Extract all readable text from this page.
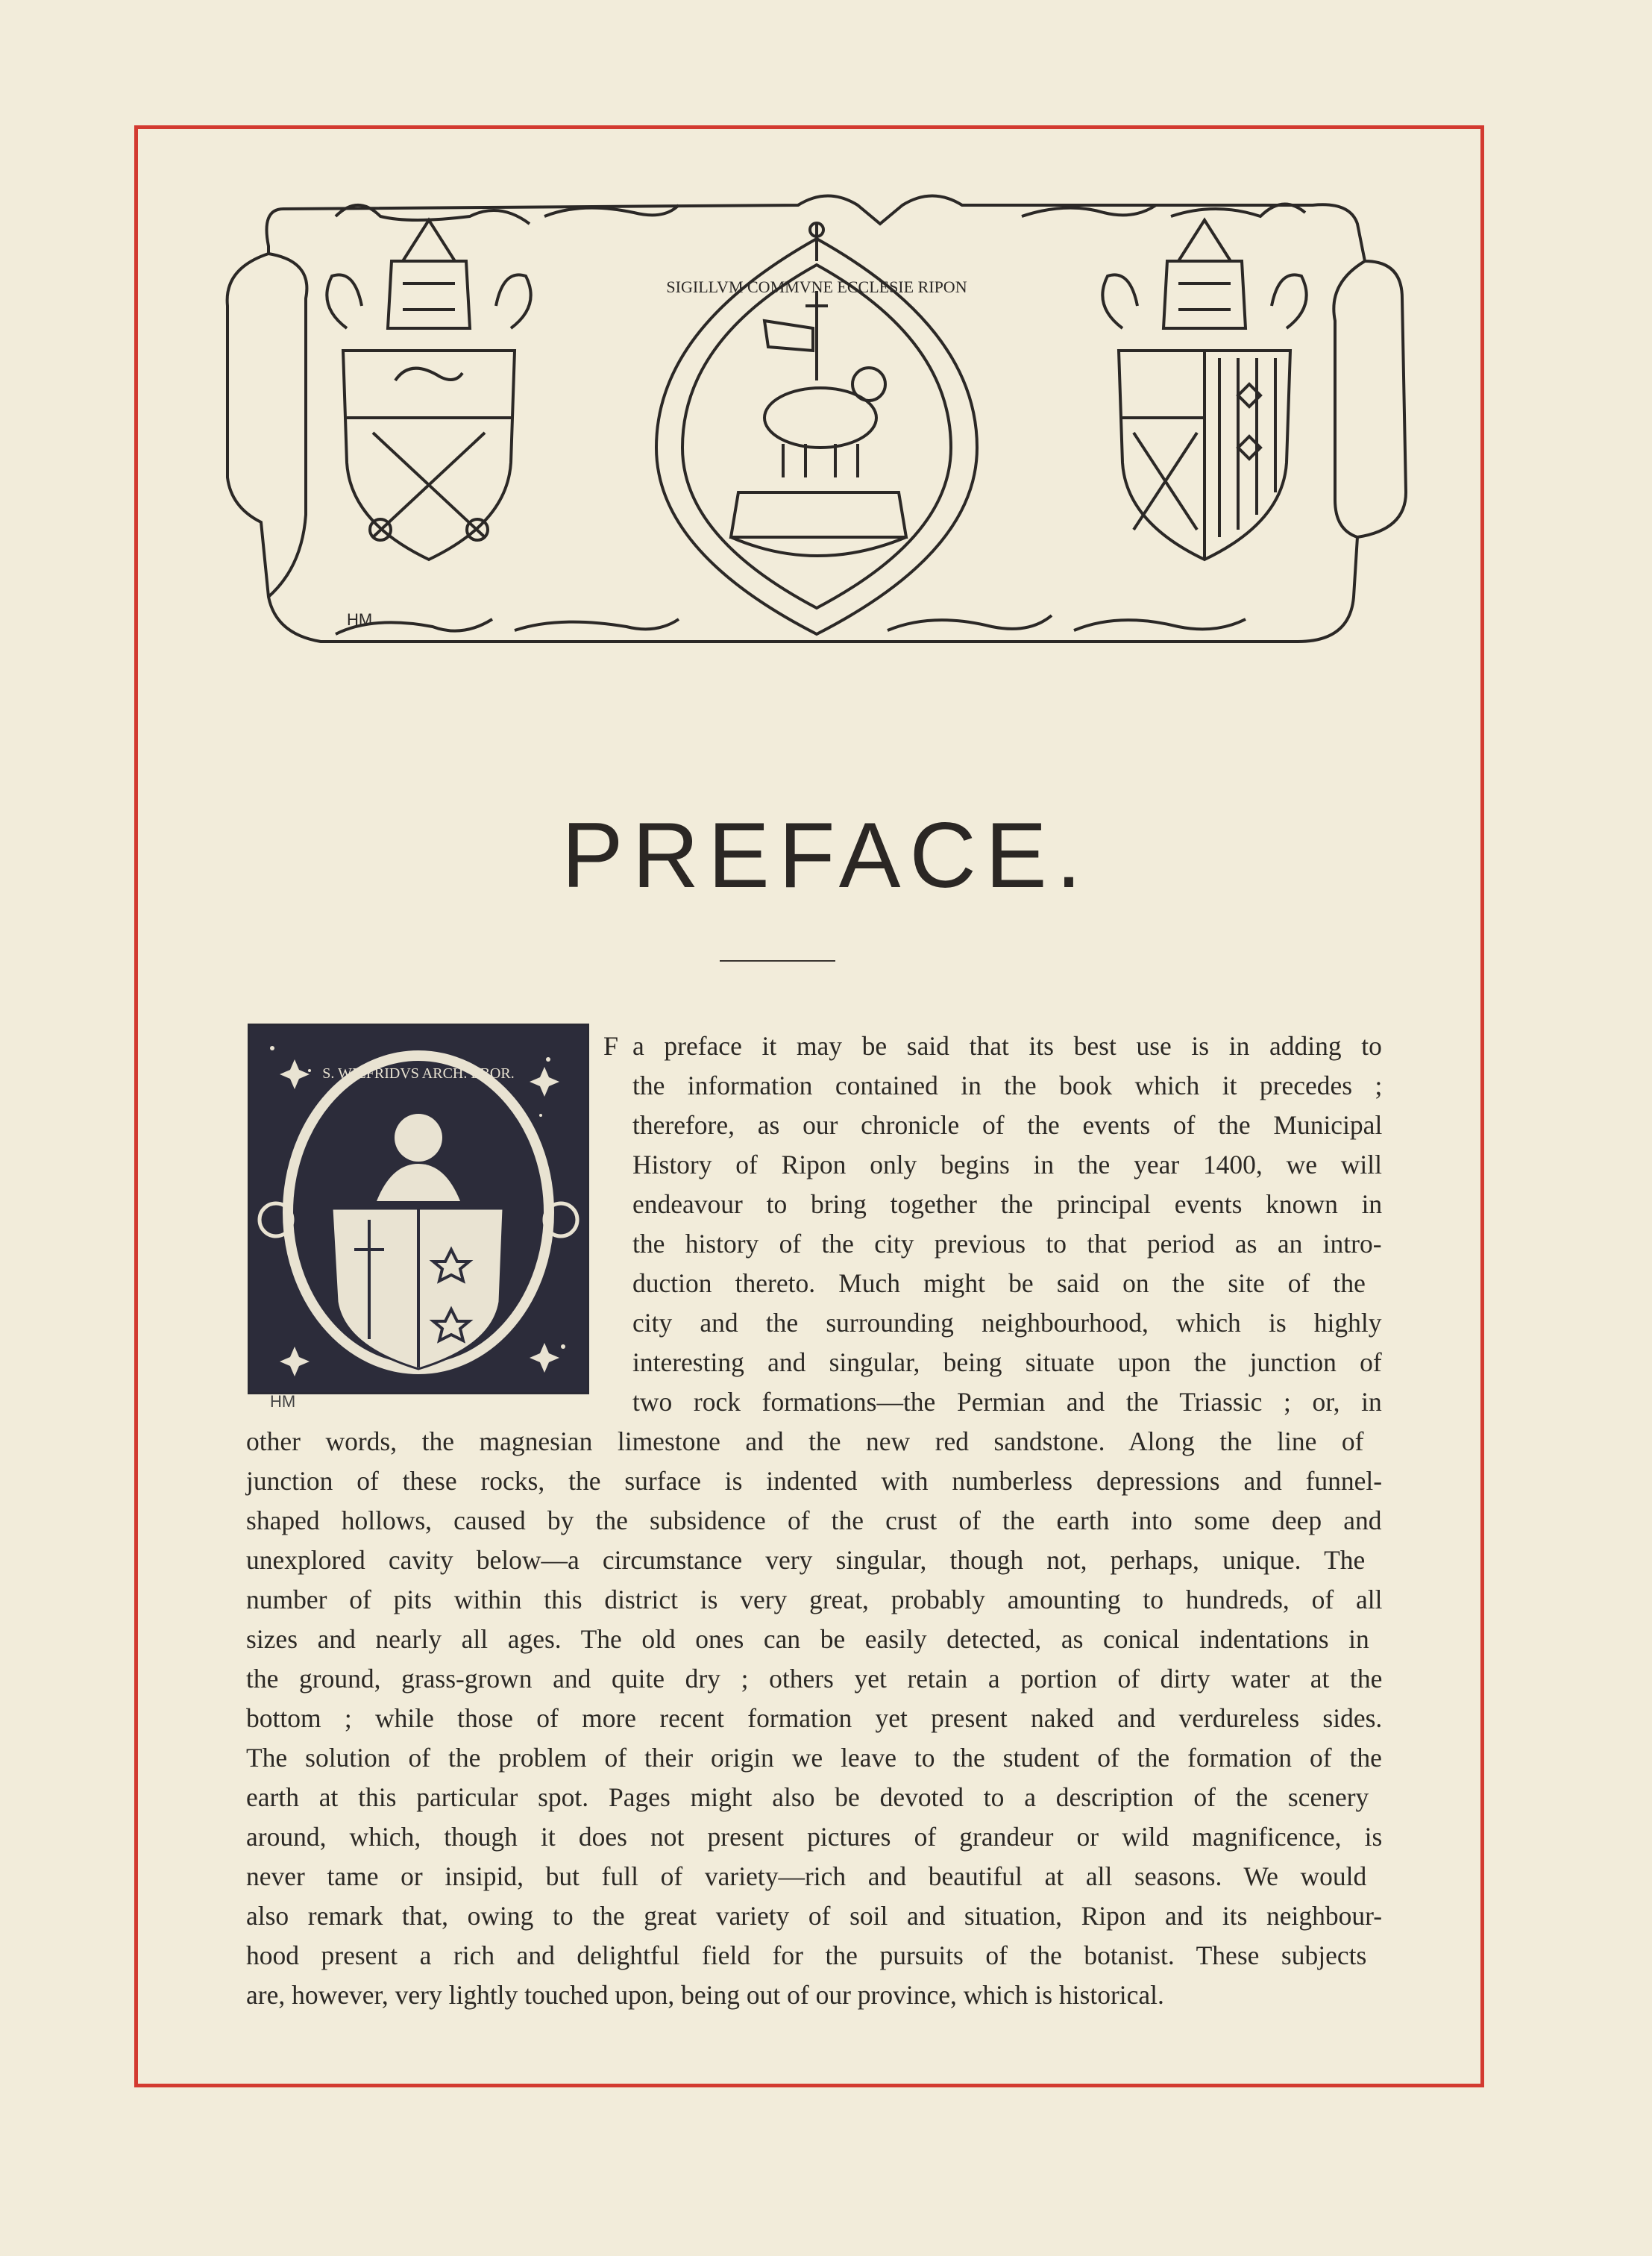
SIGILLVM COMMVNE ECCLESIE RIPON
HM
PREFACE.
S. WILFRIDVS ARCH. EBOR.
HM
F a preface it may be said that its best use is in adding to
the information contained in the book which it precedes ;
therefore, as our chronicle of the events of the Municipal
History of Ripon only begins in the year 1400, we will
endeavour to bring together the principal events known in
the history of the city previous to that period as an intro-
duction thereto. Much might be said on the site of the
city and the surrounding neighbourhood, which is highly
interesting and singular, being situate upon the junction of
two rock formations—the Permian and the Triassic ; or, in
other words, the magnesian limestone and the new red sandstone. Along the line of
junction of these rocks, the surface is indented with numberless depressions and funnel-
shaped hollows, caused by the subsidence of the crust of the earth into some deep and
unexplored cavity below—a circumstance very singular, though not, perhaps, unique. The
number of pits within this district is very great, probably amounting to hundreds, of all
sizes and nearly all ages. The old ones can be easily detected, as conical indentations in
the ground, grass-grown and quite dry ; others yet retain a portion of dirty water at the
bottom ; while those of more recent formation yet present naked and verdureless sides.
The solution of the problem of their origin we leave to the student of the formation of the
earth at this particular spot. Pages might also be devoted to a description of the scenery
around, which, though it does not present pictures of grandeur or wild magnificence, is
never tame or insipid, but full of variety—rich and beautiful at all seasons. We would
also remark that, owing to the great variety of soil and situation, Ripon and its neighbour-
hood present a rich and delightful field for the pursuits of the botanist. These subjects
are, however, very lightly touched upon, being out of our province, which is historical.
